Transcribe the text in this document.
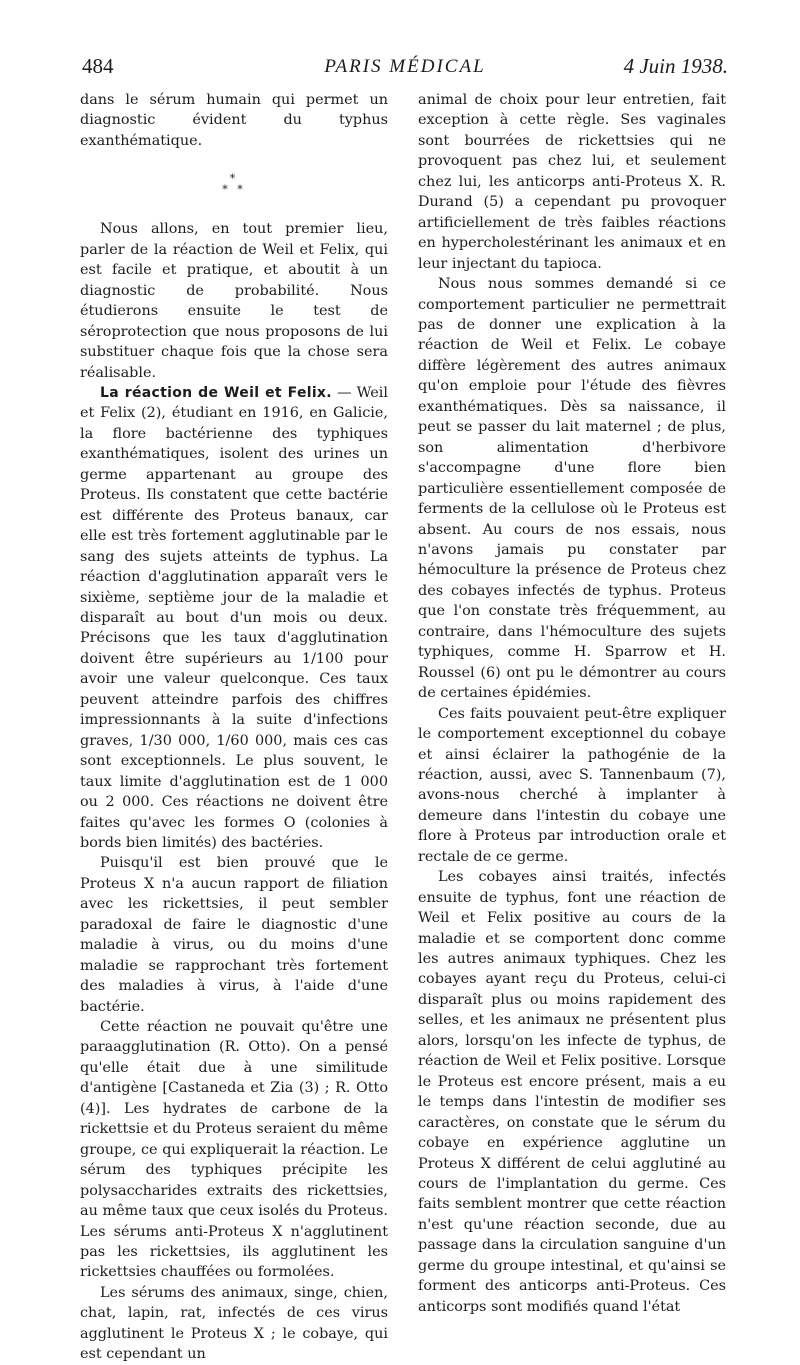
484	PARIS MÉDICAL	4 Juin 1938.

dans le sérum humain qui permet un diagnostic évident du typhus exanthématique.

*
* *

Nous allons, en tout premier lieu, parler de la réaction de Weil et Felix, qui est facile et pratique, et aboutit à un diagnostic de probabilité. Nous étudierons ensuite le test de séroprotection que nous proposons de lui substituer chaque fois que la chose sera réalisable.

La réaction de Weil et Felix. — Weil et Felix (2), étudiant en 1916, en Galicie, la flore bactérienne des typhiques exanthématiques, isolent des urines un germe appartenant au groupe des Proteus. Ils constatent que cette bactérie est différente des Proteus banaux, car elle est très fortement agglutinable par le sang des sujets atteints de typhus. La réaction d'agglutination apparaît vers le sixième, septième jour de la maladie et disparaît au bout d'un mois ou deux. Précisons que les taux d'agglutination doivent être supérieurs au 1/100 pour avoir une valeur quelconque. Ces taux peuvent atteindre parfois des chiffres impressionnants à la suite d'infections graves, 1/30 000, 1/60 000, mais ces cas sont exceptionnels. Le plus souvent, le taux limite d'agglutination est de 1 000 ou 2 000. Ces réactions ne doivent être faites qu'avec les formes O (colonies à bords bien limités) des bactéries.

Puisqu'il est bien prouvé que le Proteus X n'a aucun rapport de filiation avec les rickettsies, il peut sembler paradoxal de faire le diagnostic d'une maladie à virus, ou du moins d'une maladie se rapprochant très fortement des maladies à virus, à l'aide d'une bactérie.

Cette réaction ne pouvait qu'être une paraagglutination (R. Otto). On a pensé qu'elle était due à une similitude d'antigène [Castaneda et Zia (3) ; R. Otto (4)]. Les hydrates de carbone de la rickettsie et du Proteus seraient du même groupe, ce qui expliquerait la réaction. Le sérum des typhiques précipite les polysaccharides extraits des rickettsies, au même taux que ceux isolés du Proteus. Les sérums anti-Proteus X n'agglutinent pas les rickettsies, ils agglutinent les rickettsies chauffées ou formolées.

Les sérums des animaux, singe, chien, chat, lapin, rat, infectés de ces virus agglutinent le Proteus X ; le cobaye, qui est cependant un

animal de choix pour leur entretien, fait exception à cette règle. Ses vaginales sont bourrées de rickettsies qui ne provoquent pas chez lui, et seulement chez lui, les anticorps anti-Proteus X. R. Durand (5) a cependant pu provoquer artificiellement de très faibles réactions en hypercholestérinant les animaux et en leur injectant du tapioca.

Nous nous sommes demandé si ce comportement particulier ne permettrait pas de donner une explication à la réaction de Weil et Felix. Le cobaye diffère légèrement des autres animaux qu'on emploie pour l'étude des fièvres exanthématiques. Dès sa naissance, il peut se passer du lait maternel ; de plus, son alimentation d'herbivore s'accompagne d'une flore bien particulière essentiellement composée de ferments de la cellulose où le Proteus est absent. Au cours de nos essais, nous n'avons jamais pu constater par hémoculture la présence de Proteus chez des cobayes infectés de typhus. Proteus que l'on constate très fréquemment, au contraire, dans l'hémoculture des sujets typhiques, comme H. Sparrow et H. Roussel (6) ont pu le démontrer au cours de certaines épidémies.

Ces faits pouvaient peut-être expliquer le comportement exceptionnel du cobaye et ainsi éclairer la pathogénie de la réaction, aussi, avec S. Tannenbaum (7), avons-nous cherché à implanter à demeure dans l'intestin du cobaye une flore à Proteus par introduction orale et rectale de ce germe.

Les cobayes ainsi traités, infectés ensuite de typhus, font une réaction de Weil et Felix positive au cours de la maladie et se comportent donc comme les autres animaux typhiques. Chez les cobayes ayant reçu du Proteus, celui-ci disparaît plus ou moins rapidement des selles, et les animaux ne présentent plus alors, lorsqu'on les infecte de typhus, de réaction de Weil et Felix positive. Lorsque le Proteus est encore présent, mais a eu le temps dans l'intestin de modifier ses caractères, on constate que le sérum du cobaye en expérience agglutine un Proteus X différent de celui agglutiné au cours de l'implantation du germe. Ces faits semblent montrer que cette réaction n'est qu'une réaction seconde, due au passage dans la circulation sanguine d'un germe du groupe intestinal, et qu'ainsi se forment des anticorps anti-Proteus. Ces anticorps sont modifiés quand l'état
